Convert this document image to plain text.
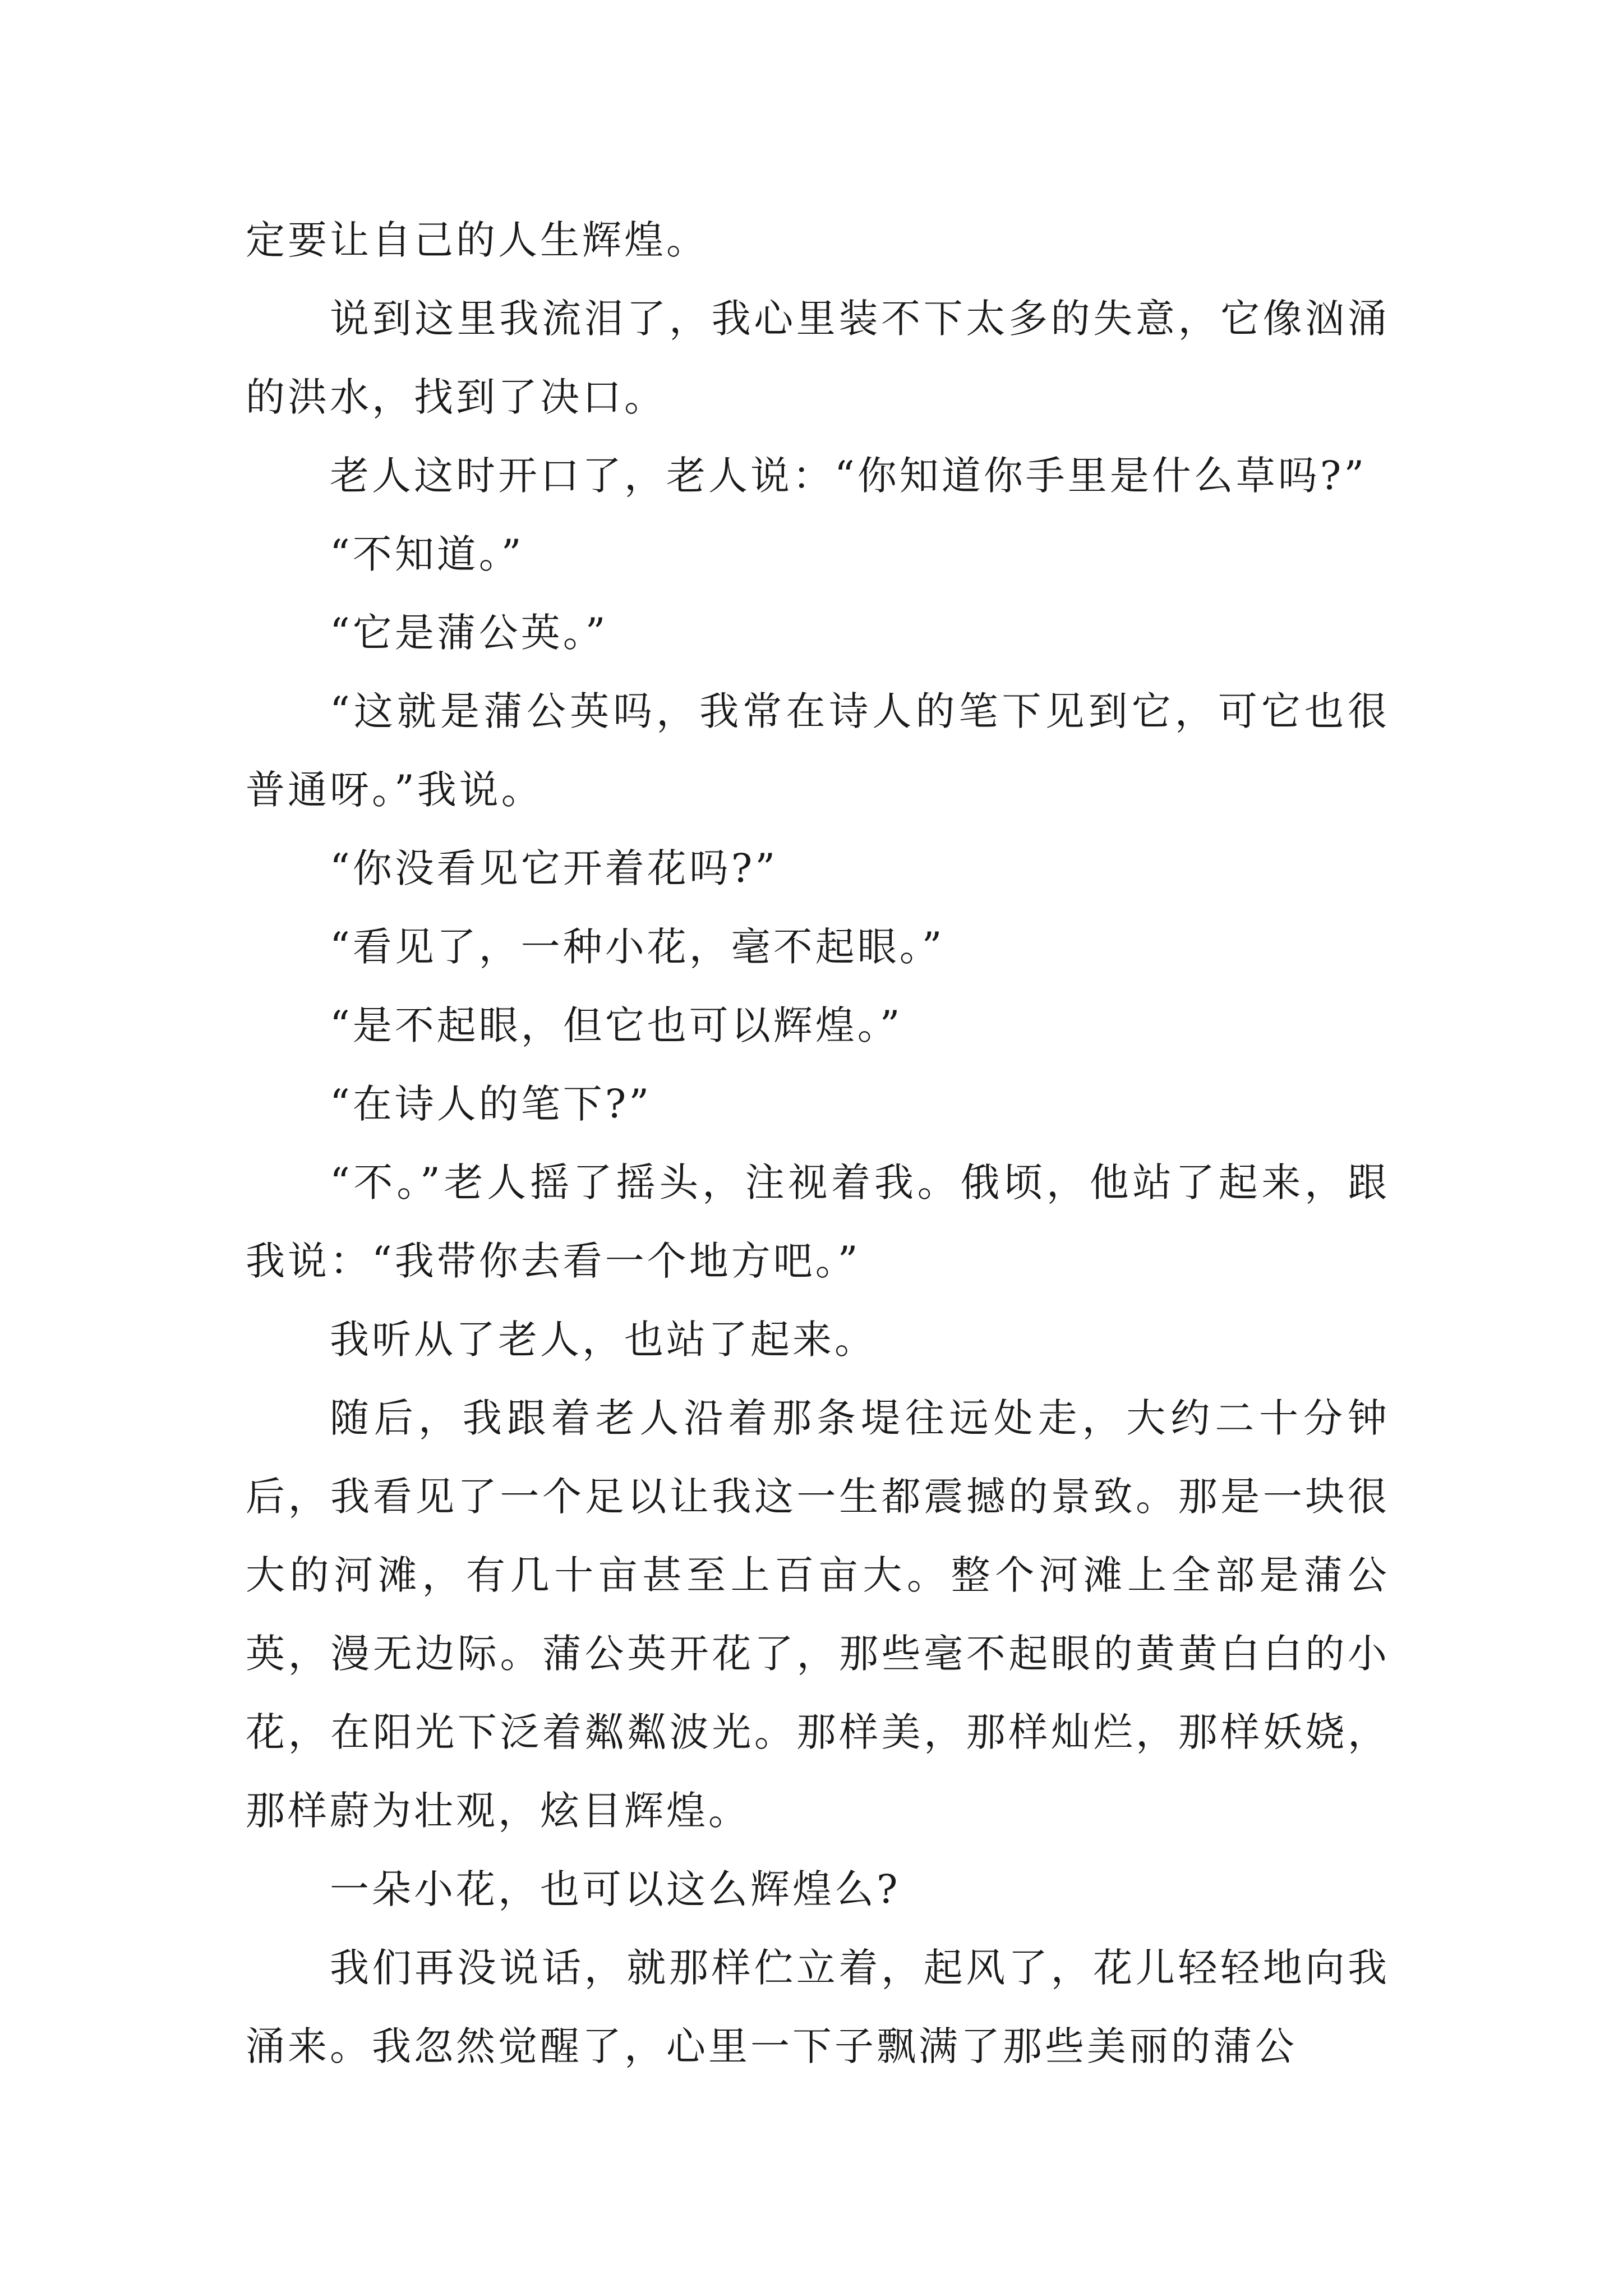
定要让自己的人生辉煌。

说到这里我流泪了，我心里装不下太多的失意，它像汹涌的洪水，找到了决口。

老人这时开口了，老人说：“你知道你手里是什么草吗?”

“不知道。”

“它是蒲公英。”

“这就是蒲公英吗，我常在诗人的笔下见到它，可它也很普通呀。”我说。

“你没看见它开着花吗?”

“看见了，一种小花，毫不起眼。”

“是不起眼，但它也可以辉煌。”

“在诗人的笔下?”

“不。”老人摇了摇头，注视着我。俄顷，他站了起来，跟我说：“我带你去看一个地方吧。”

我听从了老人，也站了起来。

随后，我跟着老人沿着那条堤往远处走，大约二十分钟后，我看见了一个足以让我这一生都震撼的景致。那是一块很大的河滩，有几十亩甚至上百亩大。整个河滩上全部是蒲公英，漫无边际。蒲公英开花了，那些毫不起眼的黄黄白白的小花，在阳光下泛着粼粼波光。那样美，那样灿烂，那样妖娆，那样蔚为壮观，炫目辉煌。

一朵小花，也可以这么辉煌么?

我们再没说话，就那样伫立着，起风了，花儿轻轻地向我涌来。我忽然觉醒了，心里一下子飘满了那些美丽的蒲公
